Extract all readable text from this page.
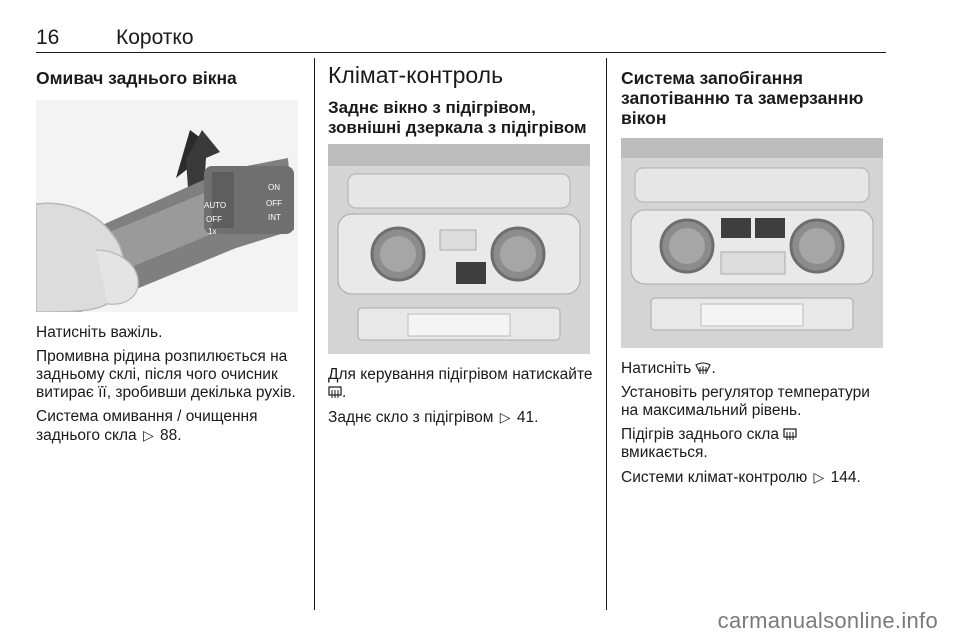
16	Коротко
Омивач заднього вікна
ON
OFF
INT
AUTO
OFF
1x

Натисніть важіль.

Промивна рідина розпилюється на задньому склі, після чого очисник витирає її, зробивши декілька рухів.

Система омивання / очищення заднього скла ▷ 88.

Клімат-контроль
Заднє вікно з підігрівом, зовнішні дзеркала з підігрівом

Для керування підігрівом натискайте .

Заднє скло з підігрівом ▷ 41.

Система запобігання запотіванню та замерзанню вікон

Натисніть .

Установіть регулятор температури на максимальний рівень.

Підігрів заднього скла
вмикається.

Системи клімат-контролю ▷ 144.

carmanualsonline.info
